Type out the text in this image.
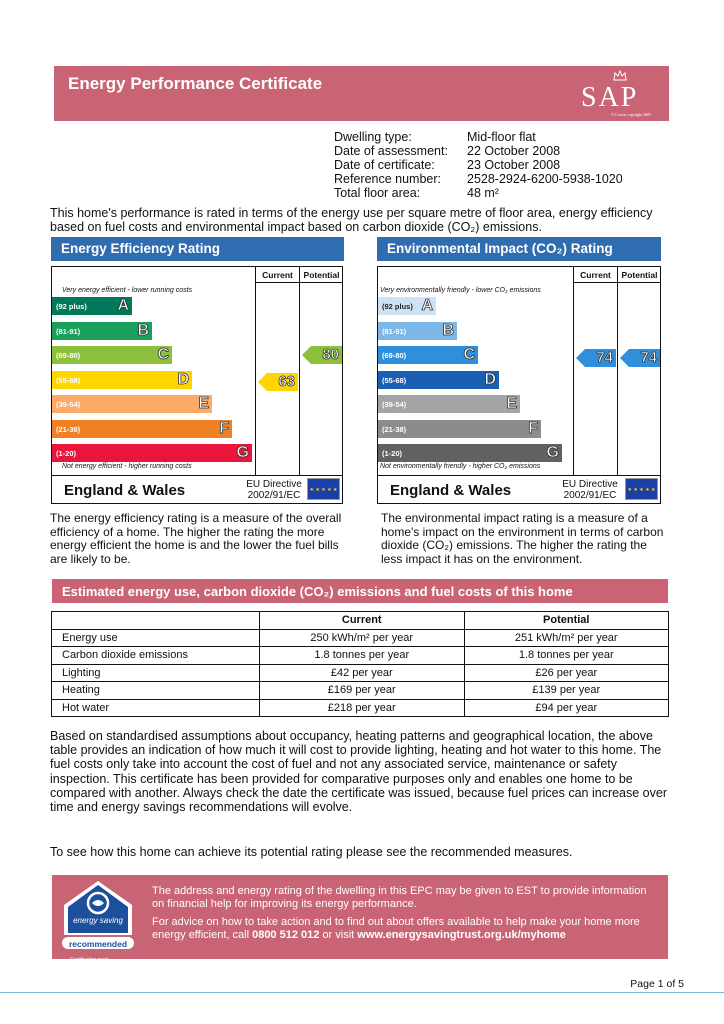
Energy Performance Certificate	SAP
© Crown copyright 2005
Dwelling type:	Mid-floor flat
Date of assessment:	22 October 2008
Date of certificate:	23 October 2008
Reference number:	2528-2924-6200-5938-1020
Total floor area:	48 m²
This home's performance is rated in terms of the energy use per square metre of floor area, energy efficiency based on fuel costs and environmental impact based on carbon dioxide (CO₂) emissions.
Energy Efficiency Rating
Current	Potential
Very energy efficient - lower running costs
Not energy efficient - higher running costs
(92 plus) A
(81-91)	B
(69-80)	C
(55-68)	D
(39-54)	E
(21-38)	F
(1-20)	G
63
80
England & Wales	EU Directive
2002/91/EC	★ ★ ★ ★ ★
The energy efficiency rating is a measure of the overall efficiency of a home. The higher the rating the more energy efficient the home is and the lower the fuel bills are likely to be.
Environmental Impact (CO₂) Rating
Current	Potential
Very environmentally friendly - lower CO₂ emissions
Not environmentally friendly - higher CO₂ emissions
(92 plus) A
(81-91) B
(69-80)	C
(55-68)	D
(39-54)	E
(21-38)	F
(1-20)	G
74 74
England & Wales	EU Directive
2002/91/EC	★ ★ ★ ★ ★
The environmental impact rating is a measure of a home's impact on the environment in terms of carbon dioxide (CO₂) emissions. The higher the rating the less impact it has on the environment.
Estimated energy use, carbon dioxide (CO₂) emissions and fuel costs of this home
	Current	Potential
Energy use	250 kWh/m² per year	251 kWh/m² per year
Carbon dioxide emissions	1.8 tonnes per year	1.8 tonnes per year
Lighting	£42 per year	£26 per year
Heating	£169 per year	£139 per year
Hot water	£218 per year	£94 per year
Based on standardised assumptions about occupancy, heating patterns and geographical location, the above table provides an indication of how much it will cost to provide lighting, heating and hot water to this home. The fuel costs only take into account the cost of fuel and not any associated service, maintenance or safety inspection. This certificate has been provided for comparative purposes only and enables one home to be compared with another. Always check the date the certificate was issued, because fuel prices can increase over time and energy savings recommendations will evolve.
To see how this home can achieve its potential rating please see the recommended measures.
energy saving
recommended
Certification mark

The address and energy rating of the dwelling in this EPC may be given to EST to provide information on financial help for improving its energy performance.

For advice on how to take action and to find out about offers available to help make your home more energy efficient, call 0800 512 012 or visit www.energysavingtrust.org.uk/myhome

Page 1 of 5
